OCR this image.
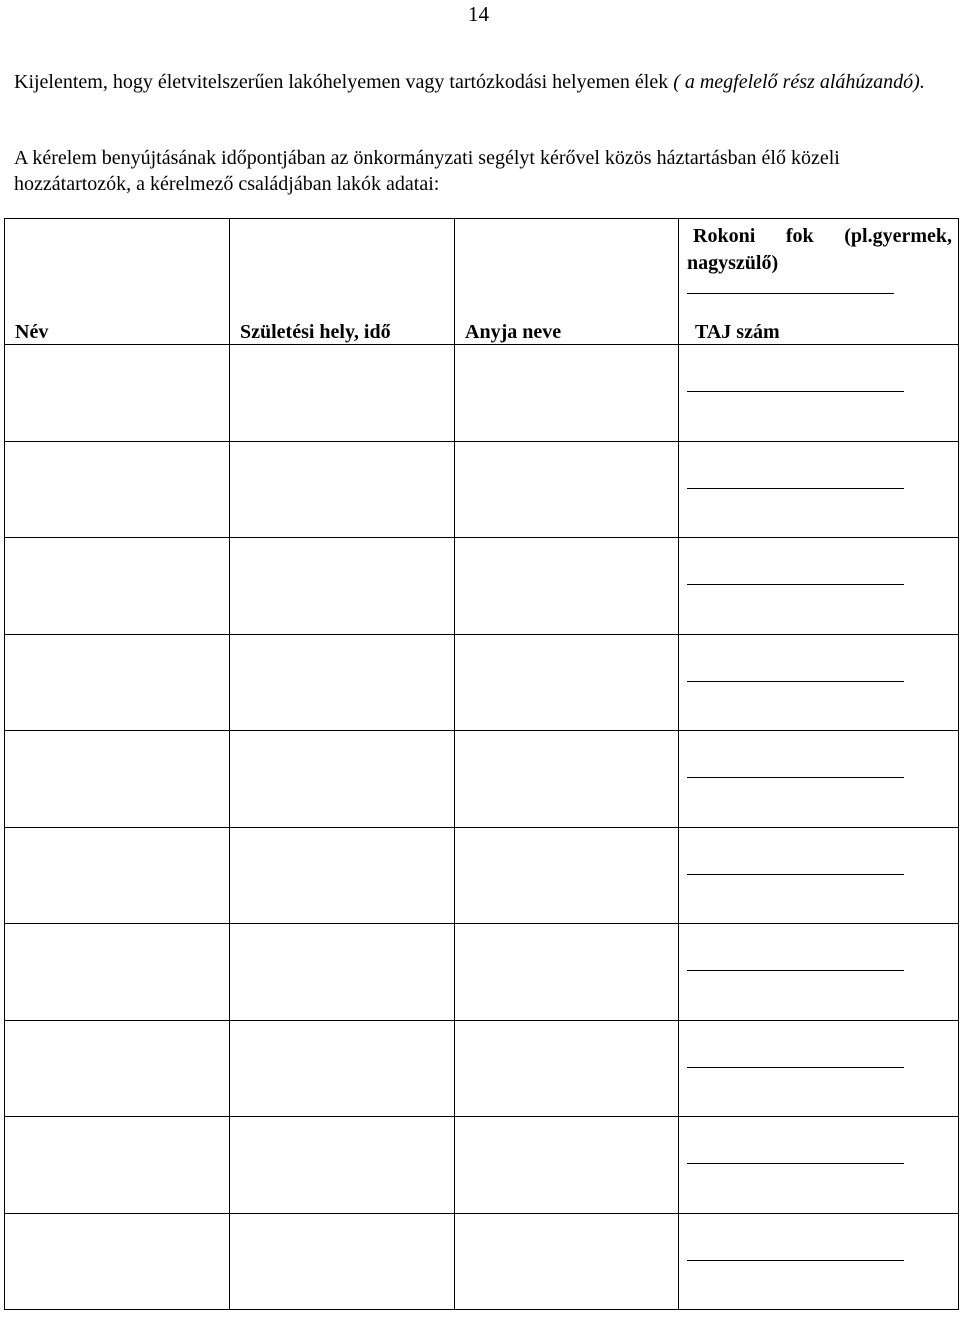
14
Kijelentem, hogy életvitelszerűen lakóhelyemen vagy tartózkodási helyemen élek ( a megfelelő rész aláhúzandó).
A kérelem benyújtásának időpontjában az önkormányzati segélyt kérővel közös háztartásban élő közeli hozzátartozók, a kérelmező családjában lakók adatai:
Név	Születési hely, idő	Anyja neve	Rokoni fok (pl.gyermek,
nagyszülő)
TAJ szám
